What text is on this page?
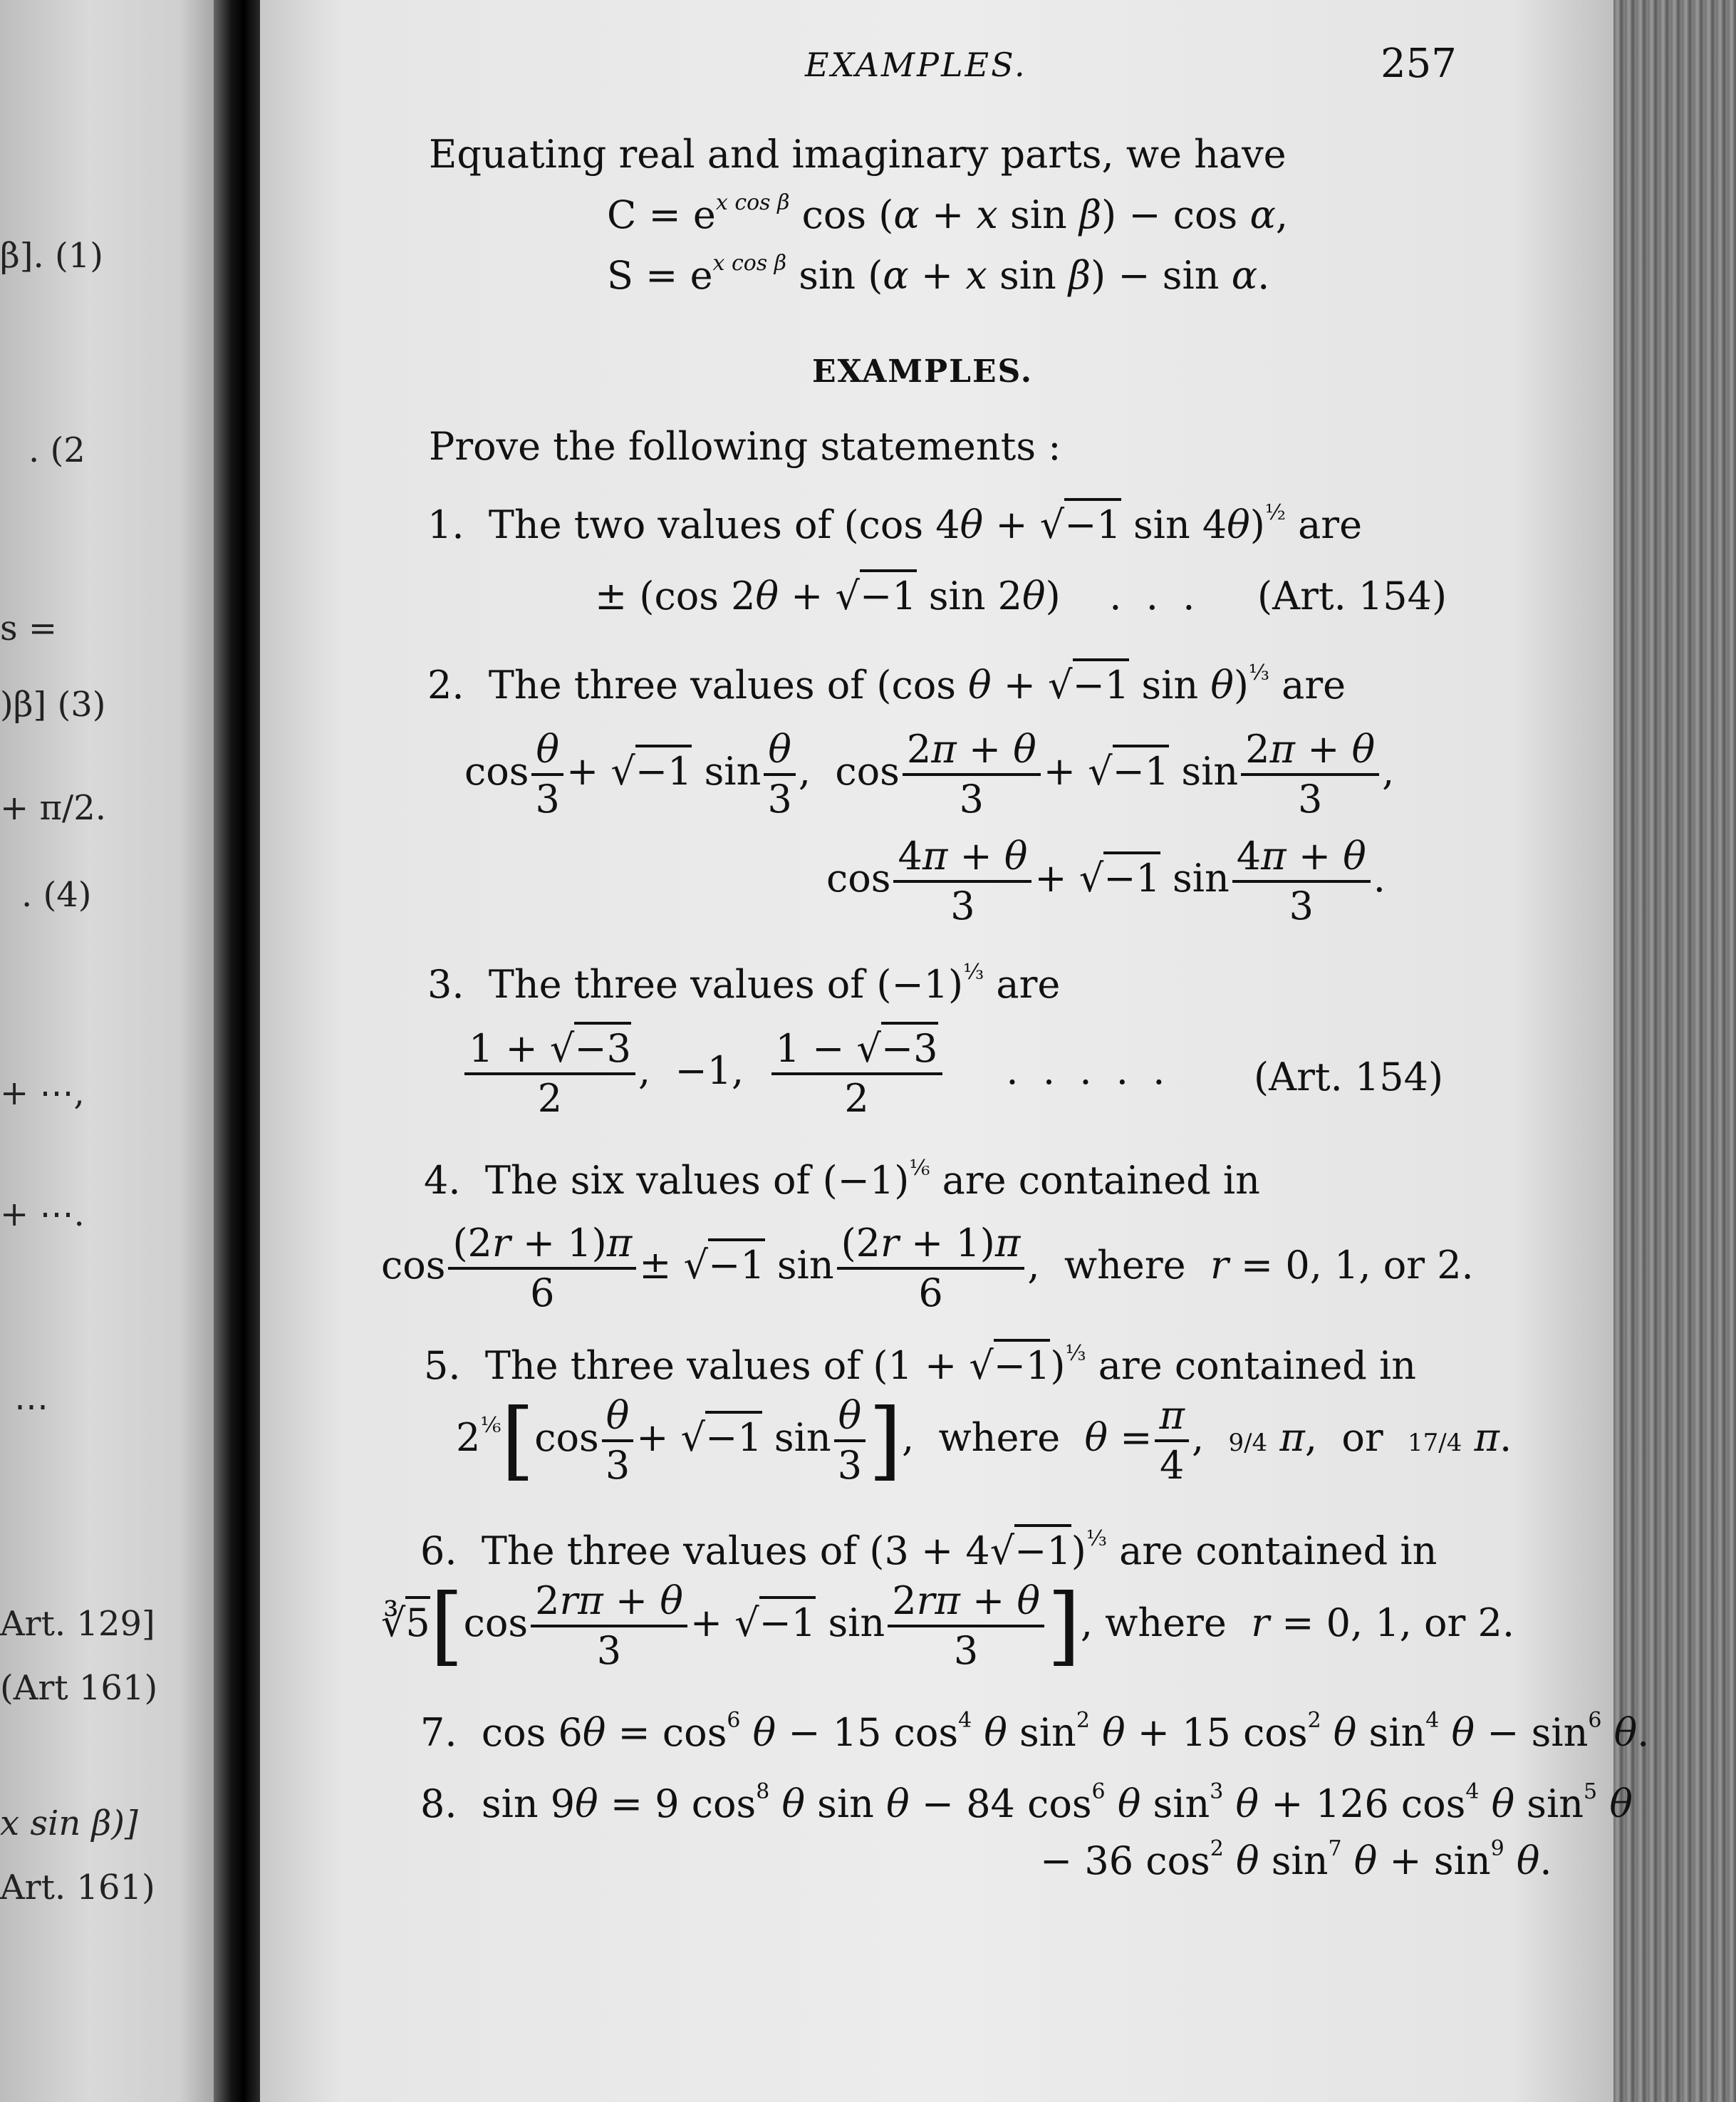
β]. (1)
. (2
s =
)β] (3)
+ π/2.
. (4)
+ ⋯,
+ ⋯.
⋯
Art. 129]
(Art 161)
x sin β)]
Art. 161)
EXAMPLES.	257
Equating real and imaginary parts, we have
$C = e^{x cos \beta}$ cos (α + x sin β) − cos α,
$S = e^{x cos \beta}$ sin (α + x sin β) − sin α.
EXAMPLES.
Prove the following statements :
1.  The two values of (cos 4θ + √−1 sin 4θ)$^{\frac{1}{2}}$ are
± (cos 2θ + √−1 sin 2θ)    .  .  . (Art. 154)
2.  The three values of (cos θ + √−1 sin θ)$^{\frac{1}{3}}$ are
$\cos \frac{\theta}{3} + √-1$ $\sin \frac{\theta}{3}$ ,  $\cos \frac{2\pi + \theta}{3} + √-1$ $\sin \frac{2\pi + \theta}{3}$ ,
$\cos \frac{4\pi + \theta}{3} + √-1$ $\sin \frac{4\pi + \theta}{3}$ .
3.  The three values of $(-1)^{\frac{1}{3}}$ are
$\frac{1 + √-3}{2}$ ,  −1, $\frac{1 - √-3}{2}$ .  .  .  .  . (Art. 154)
4.  The six values of $(-1)^{\frac{1}{6}}$ are contained in
$\cos \frac{(2r + 1)\pi}{6} \pm √-1$ $\sin \frac{(2r + 1)\pi}{6}$ ,  where  r = 0, 1, or 2.
5.  The three values of $(1 + √-1)^{\frac{1}{3}}$ are contained in
$2^{\frac{1}{6}}[\cos \frac{\theta}{3} + √-1$ $\sin \frac{\theta}{3}$ ],  where  $\theta = \frac{\pi}{4}$ ,  9/4 π,  or  17/4 π.
6.  The three values of $(3 + 4√-1)^{\frac{1}{3}}$ are contained in
∛5[cos $\frac{2r\pi + \theta}{3} + √-1$ $\sin \frac{2r\pi + \theta}{3}$ ], where  r = 0, 1, or 2.
7.  $\cos 6\theta = \cos^6 \theta - 15$ $\cos^4 \theta$ $\sin^2 \theta + 15$ $\cos^2 \theta$ $\sin^4 \theta - \sin^6 \theta$.
8.  sin 9θ = 9 $\cos^8 \theta$ sin θ − 84 $\cos^6 \theta$ $\sin^3 \theta + 126$ $\cos^4 \theta$ $\sin^5 \theta$
− 36 $\cos^2 \theta$ $\sin^7 \theta + \sin^9 \theta$.
